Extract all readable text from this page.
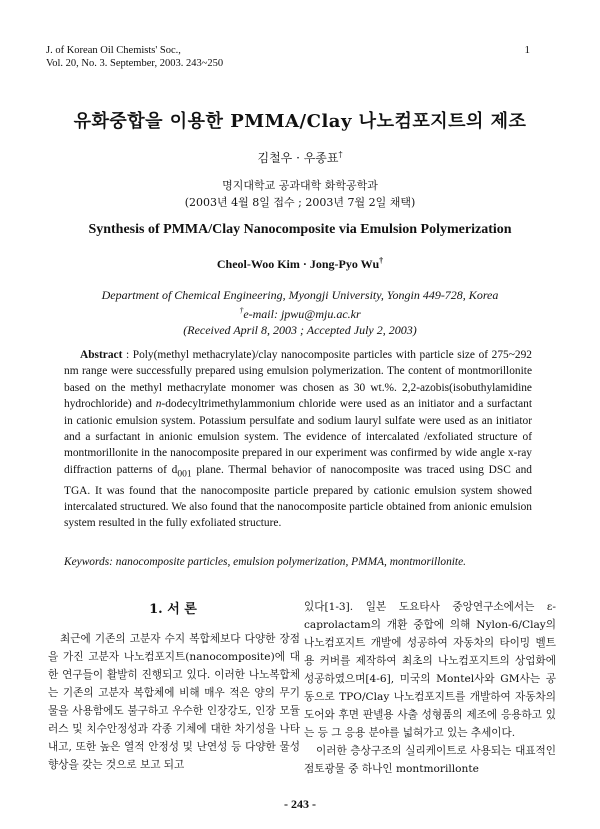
J. of Korean Oil Chemists' Soc.,
Vol. 20, No. 3. September, 2003. 243~250
1
유화중합을 이용한 PMMA/Clay 나노컴포지트의 제조
김철우 · 우종표†
명지대학교 공과대학 화학공학과
(2003년 4월 8일 접수 ; 2003년 7월 2일 채택)
Synthesis of PMMA/Clay Nanocomposite via Emulsion Polymerization
Cheol-Woo Kim · Jong-Pyo Wu†
Department of Chemical Engineering, Myongji University, Yongin 449-728, Korea
†e-mail: jpwu@mju.ac.kr
(Received April 8, 2003 ; Accepted July 2, 2003)
Abstract : Poly(methyl methacrylate)/clay nanocomposite particles with particle size of 275~292 nm range were successfully prepared using emulsion polymerization. The content of montmorillonite based on the methyl methacrylate monomer was chosen as 30 wt.%. 2,2-azobis(isobuthylamidine hydrochloride) and n-dodecyltrimethylammonium chloride were used as an initiator and a surfactant in cationic emulsion system. Potassium persulfate and sodium lauryl sulfate were used as an initiator and a surfactant in anionic emulsion system. The evidence of intercalated /exfoliated structure of montmorillonite in the nanocomposite prepared in our experiment was confirmed by wide angle x-ray diffraction patterns of $d_{001}$ plane. Thermal behavior of nanocomposite was traced using DSC and TGA. It was found that the nanocomposite particle prepared by cationic emulsion system showed intercalated structured. We also found that the nanocomposite particle obtained from anionic emulsion system resulted in the fully exfoliated structure.
Keywords: nanocomposite particles, emulsion polymerization, PMMA, montmorillonite.
1. 서 론
최근에 기존의 고분자 수지 복합체보다 다양한 장점을 가진 고분자 나노컴포지트(nanocomposite)에 대한 연구들이 활발히 진행되고 있다. 이러한 나노복합체는 기존의 고분자 복합체에 비해 매우 적은 양의 무기물을 사용함에도 불구하고 우수한 인장강도, 인장 모듈러스 및 치수안정성과 각종 기체에 대한 차기성을 나타내고, 또한 높은 열적 안정성 및 난연성 등 다양한 물성 향상을 갖는 것으로 보고 되고

있다[1-3]. 일본 도요타사 중앙연구소에서는 ε-caprolactam의 개환 중합에 의해 Nylon-6/Clay의 나노컴포지트 개발에 성공하여 자동차의 타이밍 벨트용 커버를 제작하여 최초의 나노컴포지트의 상업화에 성공하였으며[4-6], 미국의 Montel사와 GM사는 공동으로 TPO/Clay 나노컴포지트를 개발하여 자동차의 도어와 후면 판넬용 사출 성형품의 제조에 응용하고 있는 등 그 응용 분야를 넓혀가고 있는 추세이다.

이러한 층상구조의 실리케이트로 사용되는 대표적인 점토광물 중 하나인 montmorillonte

- 243 -
